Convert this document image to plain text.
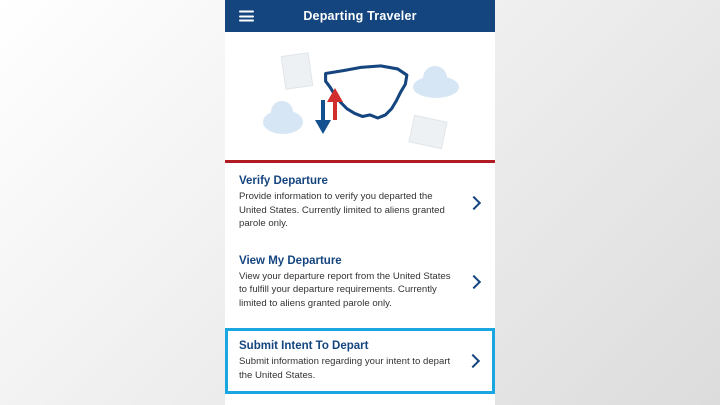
Departing Traveler

Verify Departure

Provide information to verify you departed the United States. Currently limited to aliens granted parole only.

View My Departure

View your departure report from the United States to fulfill your departure requirements. Currently limited to aliens granted parole only.

Submit Intent To Depart

Submit information regarding your intent to depart the United States.
